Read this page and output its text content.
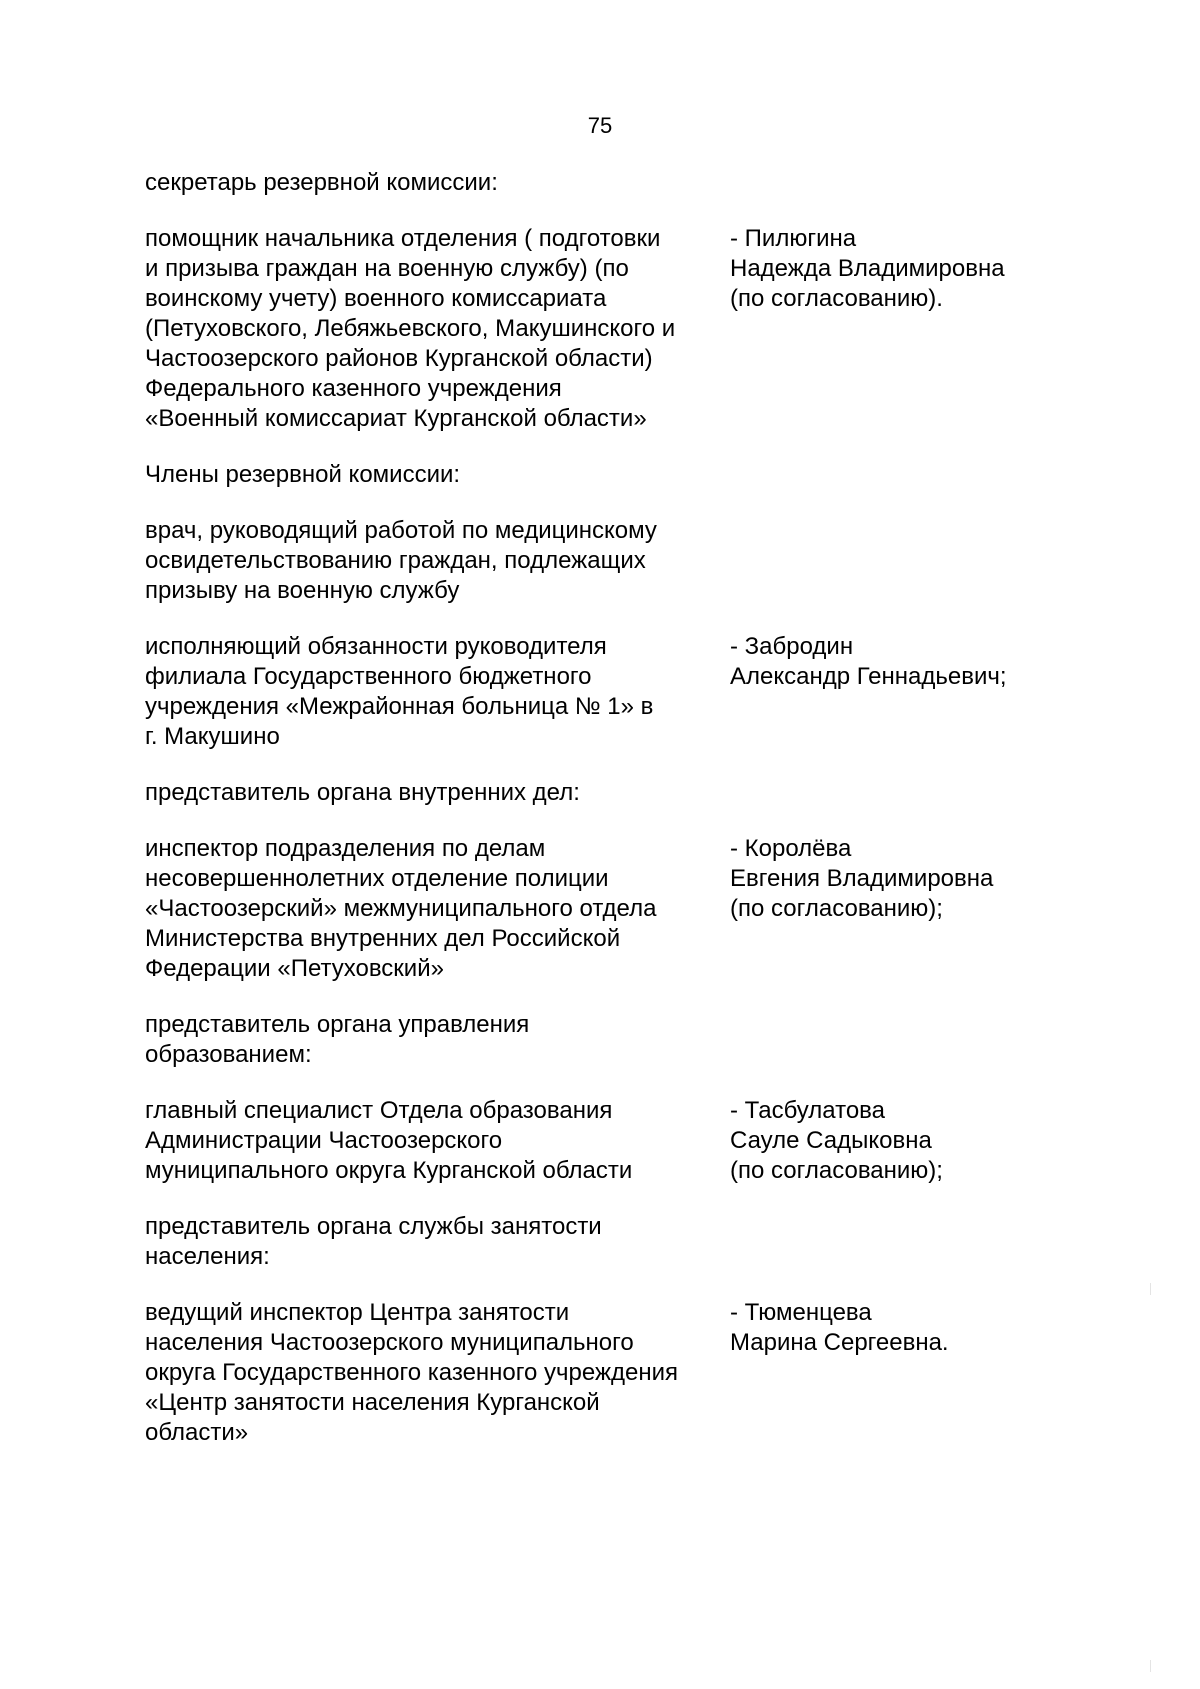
75
секретарь резервной комиссии:
помощник начальника отделения ( подготовки
и призыва граждан на военную службу) (по
воинскому учету) военного комиссариата
(Петуховского, Лебяжьевского, Макушинского и
Частоозерского районов Курганской области)
Федерального казенного учреждения
«Военный комиссариат Курганской области»
- Пилюгина
Надежда Владимировна
(по согласованию).
Члены резервной комиссии:
врач, руководящий работой по медицинскому
освидетельствованию граждан, подлежащих
призыву на военную службу
исполняющий обязанности руководителя
филиала Государственного бюджетного
учреждения «Межрайонная больница № 1» в
г. Макушино
- Забродин
Александр Геннадьевич;
представитель органа внутренних дел:
инспектор подразделения по делам
несовершеннолетних отделение полиции
«Частоозерский» межмуниципального отдела
Министерства внутренних дел Российской
Федерации «Петуховский»
- Королёва
Евгения Владимировна
(по согласованию);
представитель органа управления
образованием:
главный специалист Отдела образования
Администрации Частоозерского
муниципального округа Курганской области
- Тасбулатова
Сауле Садыковна
(по согласованию);
представитель органа службы занятости
населения:
ведущий инспектор Центра занятости
населения Частоозерского муниципального
округа Государственного казенного учреждения
«Центр занятости населения Курганской
области»
- Тюменцева
Марина Сергеевна.
